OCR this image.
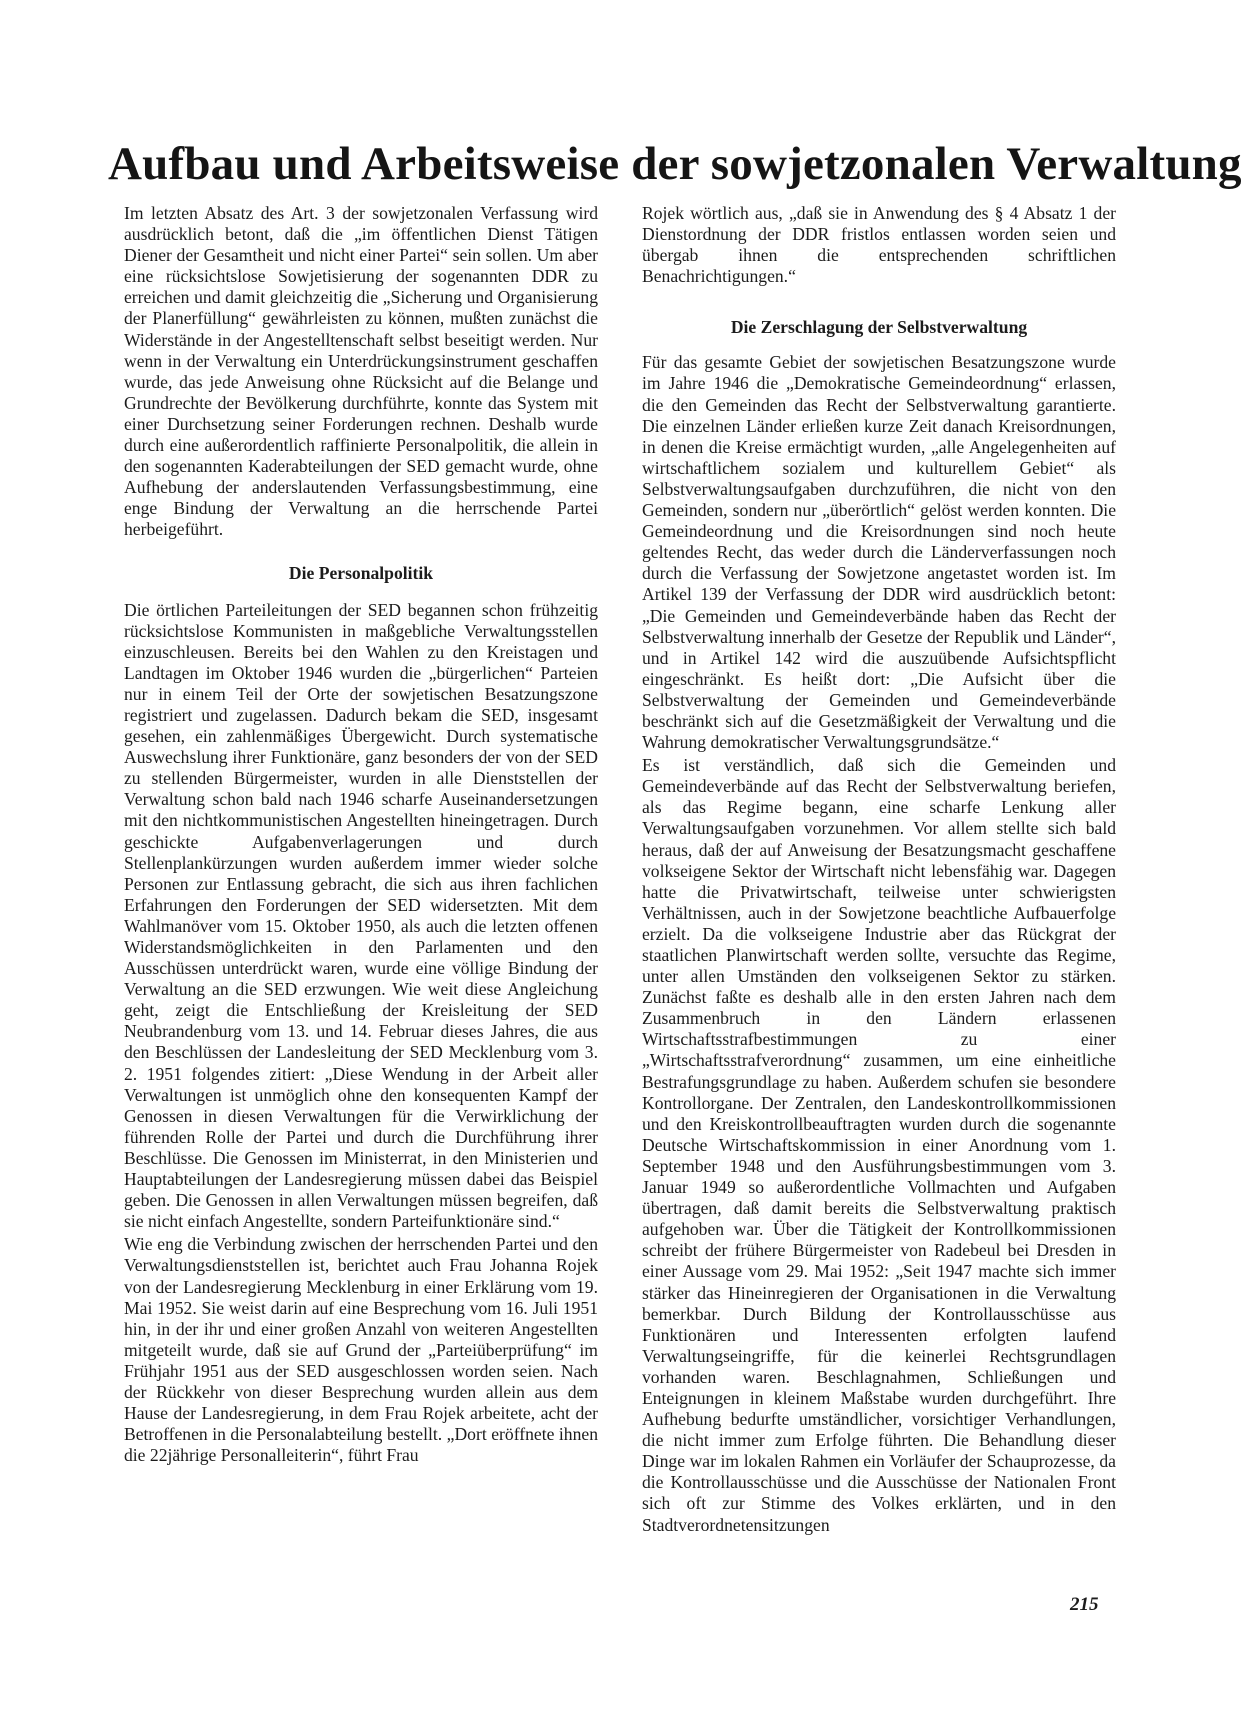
Aufbau und Arbeitsweise der sowjetzonalen Verwaltung

Im letzten Absatz des Art. 3 der sowjetzonalen Verfassung wird ausdrücklich betont, daß die „im öffentlichen Dienst Tätigen Diener der Gesamtheit und nicht einer Partei“ sein sollen. Um aber eine rücksichtslose Sowjetisierung der sogenannten DDR zu erreichen und damit gleichzeitig die „Sicherung und Organisierung der Planerfüllung“ gewährleisten zu können, mußten zunächst die Widerstände in der Angestelltenschaft selbst beseitigt werden. Nur wenn in der Verwaltung ein Unterdrückungsinstrument geschaffen wurde, das jede Anweisung ohne Rücksicht auf die Belange und Grundrechte der Bevölkerung durchführte, konnte das System mit einer Durchsetzung seiner Forderungen rechnen. Deshalb wurde durch eine außerordentlich raffinierte Personalpolitik, die allein in den sogenannten Kaderabteilungen der SED gemacht wurde, ohne Aufhebung der anderslautenden Verfassungsbestimmung, eine enge Bindung der Verwaltung an die herrschende Partei herbeigeführt.

Die Personalpolitik

Die örtlichen Parteileitungen der SED begannen schon frühzeitig rücksichtslose Kommunisten in maßgebliche Verwaltungsstellen einzuschleusen. Bereits bei den Wahlen zu den Kreistagen und Landtagen im Oktober 1946 wurden die „bürgerlichen“ Parteien nur in einem Teil der Orte der sowjetischen Besatzungszone registriert und zugelassen. Dadurch bekam die SED, insgesamt gesehen, ein zahlenmäßiges Übergewicht. Durch systematische Auswechslung ihrer Funktionäre, ganz besonders der von der SED zu stellenden Bürgermeister, wurden in alle Dienststellen der Verwaltung schon bald nach 1946 scharfe Auseinandersetzungen mit den nichtkommunistischen Angestellten hineingetragen. Durch geschickte Aufgabenverlagerungen und durch Stellenplankürzungen wurden außerdem immer wieder solche Personen zur Entlassung gebracht, die sich aus ihren fachlichen Erfahrungen den Forderungen der SED widersetzten. Mit dem Wahlmanöver vom 15. Oktober 1950, als auch die letzten offenen Widerstandsmöglichkeiten in den Parlamenten und den Ausschüssen unterdrückt waren, wurde eine völlige Bindung der Verwaltung an die SED erzwungen. Wie weit diese Angleichung geht, zeigt die Entschließung der Kreisleitung der SED Neubrandenburg vom 13. und 14. Februar dieses Jahres, die aus den Beschlüssen der Landesleitung der SED Mecklenburg vom 3. 2. 1951 folgendes zitiert: „Diese Wendung in der Arbeit aller Verwaltungen ist unmöglich ohne den konsequenten Kampf der Genossen in diesen Verwaltungen für die Verwirklichung der führenden Rolle der Partei und durch die Durchführung ihrer Beschlüsse. Die Genossen im Ministerrat, in den Ministerien und Hauptabteilungen der Landesregierung müssen dabei das Beispiel geben. Die Genossen in allen Verwaltungen müssen begreifen, daß sie nicht einfach Angestellte, sondern Parteifunktionäre sind.“

Wie eng die Verbindung zwischen der herrschenden Partei und den Verwaltungsdienststellen ist, berichtet auch Frau Johanna Rojek von der Landesregierung Mecklenburg in einer Erklärung vom 19. Mai 1952. Sie weist darin auf eine Besprechung vom 16. Juli 1951 hin, in der ihr und einer großen Anzahl von weiteren Angestellten mitgeteilt wurde, daß sie auf Grund der „Parteiüberprüfung“ im Frühjahr 1951 aus der SED ausgeschlossen worden seien. Nach der Rückkehr von dieser Besprechung wurden allein aus dem Hause der Landesregierung, in dem Frau Rojek arbeitete, acht der Betroffenen in die Personalabteilung bestellt. „Dort eröffnete ihnen die 22jährige Personalleiterin“, führt Frau

Rojek wörtlich aus, „daß sie in Anwendung des § 4 Absatz 1 der Dienstordnung der DDR fristlos entlassen worden seien und übergab ihnen die entsprechenden schriftlichen Benachrichtigungen.“

Die Zerschlagung der Selbstverwaltung

Für das gesamte Gebiet der sowjetischen Besatzungszone wurde im Jahre 1946 die „Demokratische Gemeindeordnung“ erlassen, die den Gemeinden das Recht der Selbstverwaltung garantierte. Die einzelnen Länder erließen kurze Zeit danach Kreisordnungen, in denen die Kreise ermächtigt wurden, „alle Angelegenheiten auf wirtschaftlichem sozialem und kulturellem Gebiet“ als Selbstverwaltungsaufgaben durchzuführen, die nicht von den Gemeinden, sondern nur „überörtlich“ gelöst werden konnten. Die Gemeindeordnung und die Kreisordnungen sind noch heute geltendes Recht, das weder durch die Länderverfassungen noch durch die Verfassung der Sowjetzone angetastet worden ist. Im Artikel 139 der Verfassung der DDR wird ausdrücklich betont: „Die Gemeinden und Gemeindeverbände haben das Recht der Selbstverwaltung innerhalb der Gesetze der Republik und Länder“, und in Artikel 142 wird die auszuübende Aufsichtspflicht eingeschränkt. Es heißt dort: „Die Aufsicht über die Selbstverwaltung der Gemeinden und Gemeindeverbände beschränkt sich auf die Gesetzmäßigkeit der Verwaltung und die Wahrung demokratischer Verwaltungsgrundsätze.“

Es ist verständlich, daß sich die Gemeinden und Gemeindeverbände auf das Recht der Selbstverwaltung beriefen, als das Regime begann, eine scharfe Lenkung aller Verwaltungsaufgaben vorzunehmen. Vor allem stellte sich bald heraus, daß der auf Anweisung der Besatzungsmacht geschaffene volkseigene Sektor der Wirtschaft nicht lebensfähig war. Dagegen hatte die Privatwirtschaft, teilweise unter schwierigsten Verhältnissen, auch in der Sowjetzone beachtliche Aufbauerfolge erzielt. Da die volkseigene Industrie aber das Rückgrat der staatlichen Planwirtschaft werden sollte, versuchte das Regime, unter allen Umständen den volkseigenen Sektor zu stärken. Zunächst faßte es deshalb alle in den ersten Jahren nach dem Zusammenbruch in den Ländern erlassenen Wirtschaftsstrafbestimmungen zu einer „Wirtschaftsstrafverordnung“ zusammen, um eine einheitliche Bestrafungsgrundlage zu haben. Außerdem schufen sie besondere Kontrollorgane. Der Zentralen, den Landeskontrollkommissionen und den Kreiskontrollbeauftragten wurden durch die sogenannte Deutsche Wirtschaftskommission in einer Anordnung vom 1. September 1948 und den Ausführungsbestimmungen vom 3. Januar 1949 so außerordentliche Vollmachten und Aufgaben übertragen, daß damit bereits die Selbstverwaltung praktisch aufgehoben war. Über die Tätigkeit der Kontrollkommissionen schreibt der frühere Bürgermeister von Radebeul bei Dresden in einer Aussage vom 29. Mai 1952: „Seit 1947 machte sich immer stärker das Hineinregieren der Organisationen in die Verwaltung bemerkbar. Durch Bildung der Kontrollausschüsse aus Funktionären und Interessenten erfolgten laufend Verwaltungseingriffe, für die keinerlei Rechtsgrundlagen vorhanden waren. Beschlagnahmen, Schließungen und Enteignungen in kleinem Maßstabe wurden durchgeführt. Ihre Aufhebung bedurfte umständlicher, vorsichtiger Verhandlungen, die nicht immer zum Erfolge führten. Die Behandlung dieser Dinge war im lokalen Rahmen ein Vorläufer der Schauprozesse, da die Kontrollausschüsse und die Ausschüsse der Nationalen Front sich oft zur Stimme des Volkes erklärten, und in den Stadtverordnetensitzungen

215
